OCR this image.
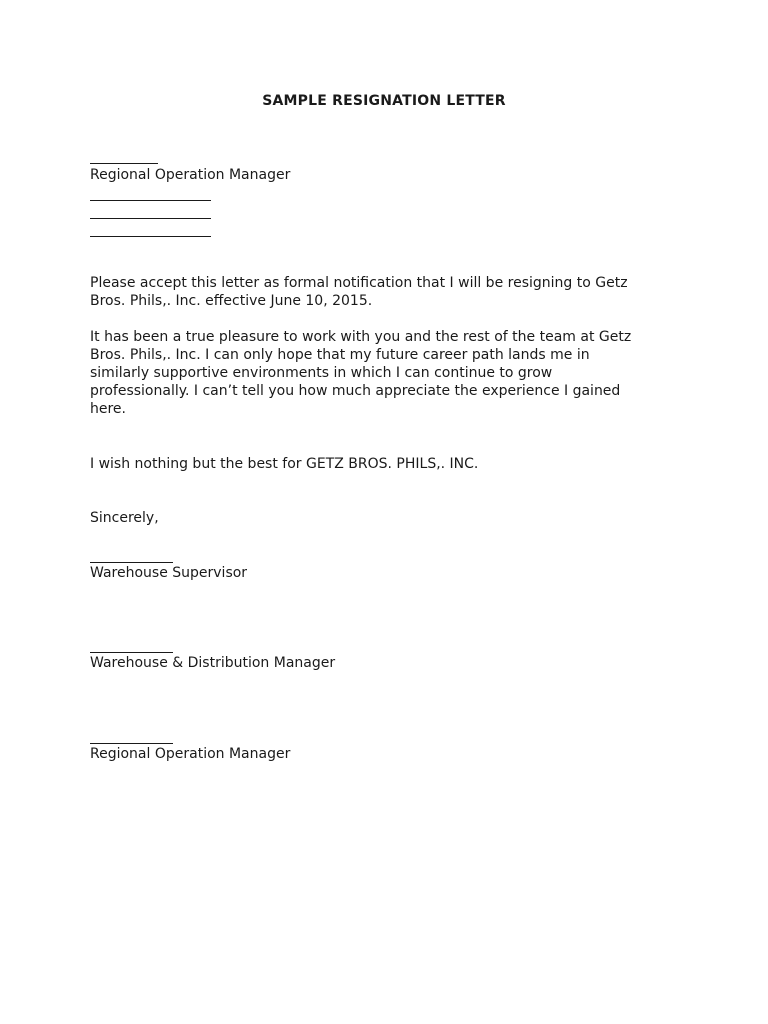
SAMPLE RESIGNATION LETTER
Regional Operation Manager
Please accept this letter as formal notification that I will be resigning to Getz
Bros. Phils,. Inc. effective June 10, 2015.
It has been a true pleasure to work with you and the rest of the team at Getz
Bros. Phils,. Inc. I can only hope that my future career path lands me in
similarly supportive environments in which I can continue to grow
professionally. I can’t tell you how much appreciate the experience I gained
here.
I wish nothing but the best for GETZ BROS. PHILS,. INC.
Sincerely,
Warehouse Supervisor
Warehouse & Distribution Manager
Regional Operation Manager
